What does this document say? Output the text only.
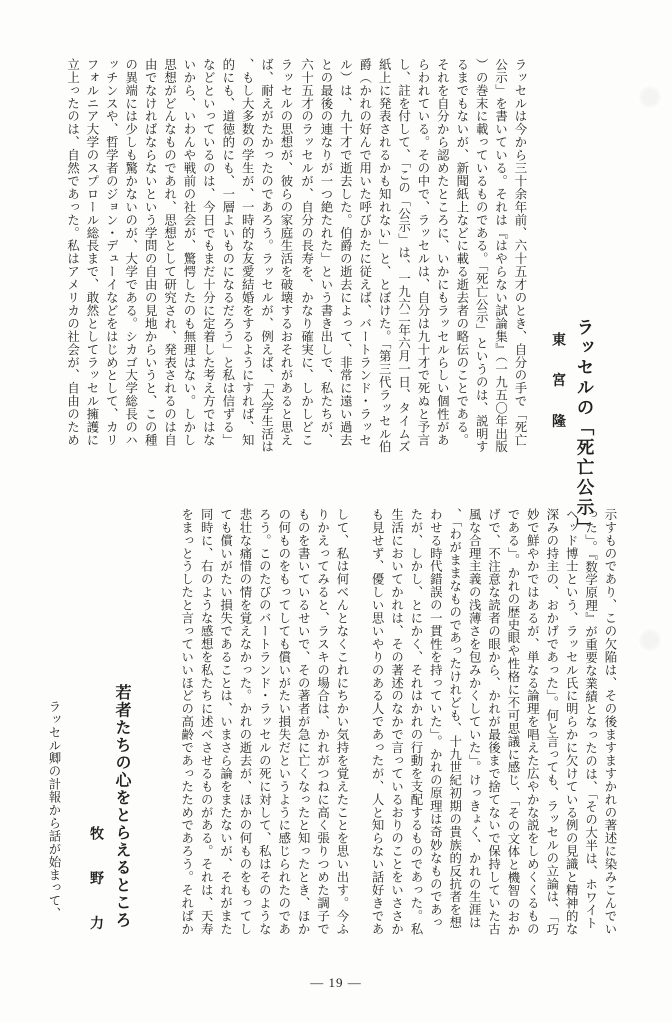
ラッセルの「死亡公示」
東 宮 隆
ラッセルは今から三十余年前、六十五才のとき、自分の手で「死亡公示」を書いている。それは『はやらない試論集』（一九五〇年出版）の巻末に載っているものである。「死亡公示」というのは、説明するまでもないが、新聞紙上などに載る逝去者の略伝のことである。それを自分から認めたところに、いかにもラッセルらしい個性があらわれている。その中で、ラッセルは、自分は九十才で死ぬと予言し、註を付して、「この「公示」は、一九六二年六月一日、タイムズ紙上に発表されるかも知れない」と、とぼけた。「第三代ラッセル伯爵（かれの好んで用いた呼びかたに従えば、バートランド・ラッセル）は、九十才で逝去した。伯爵の逝去によって、非常に遠い過去との最後の連なりが一つ絶たれた」という書き出しで、私たちが、六十五才のラッセルが、自分の長寿を、かなり確実に、しかしどこ
ラッセルの思想が、彼らの家庭生活を破壊するおそれがあると思えば、耐えがたかったのであろう。ラッセルが、例えば、「大学生活は、もし大多数の学生が、一時的な友愛結婚をするようにすれば、知的にも、道徳的にも、一層よいものになるだろう」と私は信ずる」などといっているのは、今日でもまだ十分に定着した考え方ではないから、いわんや戦前の社会が、驚愕したのも無理はない。しかし思想がどんなものであれ、思想として研究され、発表されるのは自由でなければならないという学問の自由の見地からいうと、この種の異端には少しも驚かないのが、大学である。シカゴ大学総長のハッチンスや、哲学者のジョン・デューイなどをはじめとして、カリフォルニア大学のスプロール総長まで、敢然としてラッセル擁護に立上ったのは、自然であった。私はアメリカの社会が、自由のため
示すものであり、この欠陥は、その後ますますかれの著述に染みこんでいった」。『数学原理』が重要な業績となったのは、「その大半は、ホワイトヘッド博士という、ラッセル氏に明らかに欠けている例の見識と精神的な深みの持主の、おかげであった」。何と言っても、ラッセルの立論は、「巧妙で鮮やかではあるが、単なる論理を唱えた広やかな説をしめくくるものである」。かれの歴史眼や性格に不可思議に感じ、「その文体と機智のおかげで、不注意な読者の眼から、かれが最後まで捨てないで保持していた古風な合理主義の浅薄さを包みかくしていた」。けっきょく、かれの生涯は、「わがままなものであったけれども、十九世紀初期の貴族的反抗者を想わせる時代錯誤の一貫性を持っていた」。かれの原理は奇妙なものであったが、しかし、とにかく、それはかれの行動を支配するものであった。私生活においてかれは、その著述のなかで言っているおりのことをいささかも見せず、優しい思いやりのある人であったが、人と知らない話好きであ
して、私は何べんとなくこれにちかい気持を覚えたことを思い出す。今ふりかえってみると、ラスキの場合は、かれがつねに高く張りつめた調子でものを書いているせいで、その著者が急に亡くなったと知ったとき、ほかの何ものをもってしても償いがたい損失だというように感じられたのであろう。このたびのバートランド・ラッセルの死に対して、私はそのような悲壮な痛惜の情を覚えなかった。かれの逝去が、ほかの何ものをもってしても償いがたい損失であることは、いまさら論をまたないが、それがまた同時に、右のような感想を私たちに述べさせるものがある。それは、天寿をまっとうしたと言っていいほどの高齢であったためであろう。そればか
若者たちの心をとらえるところ
牧 野 力
ラッセル卿の計報から話が始まって、
— 19 —
